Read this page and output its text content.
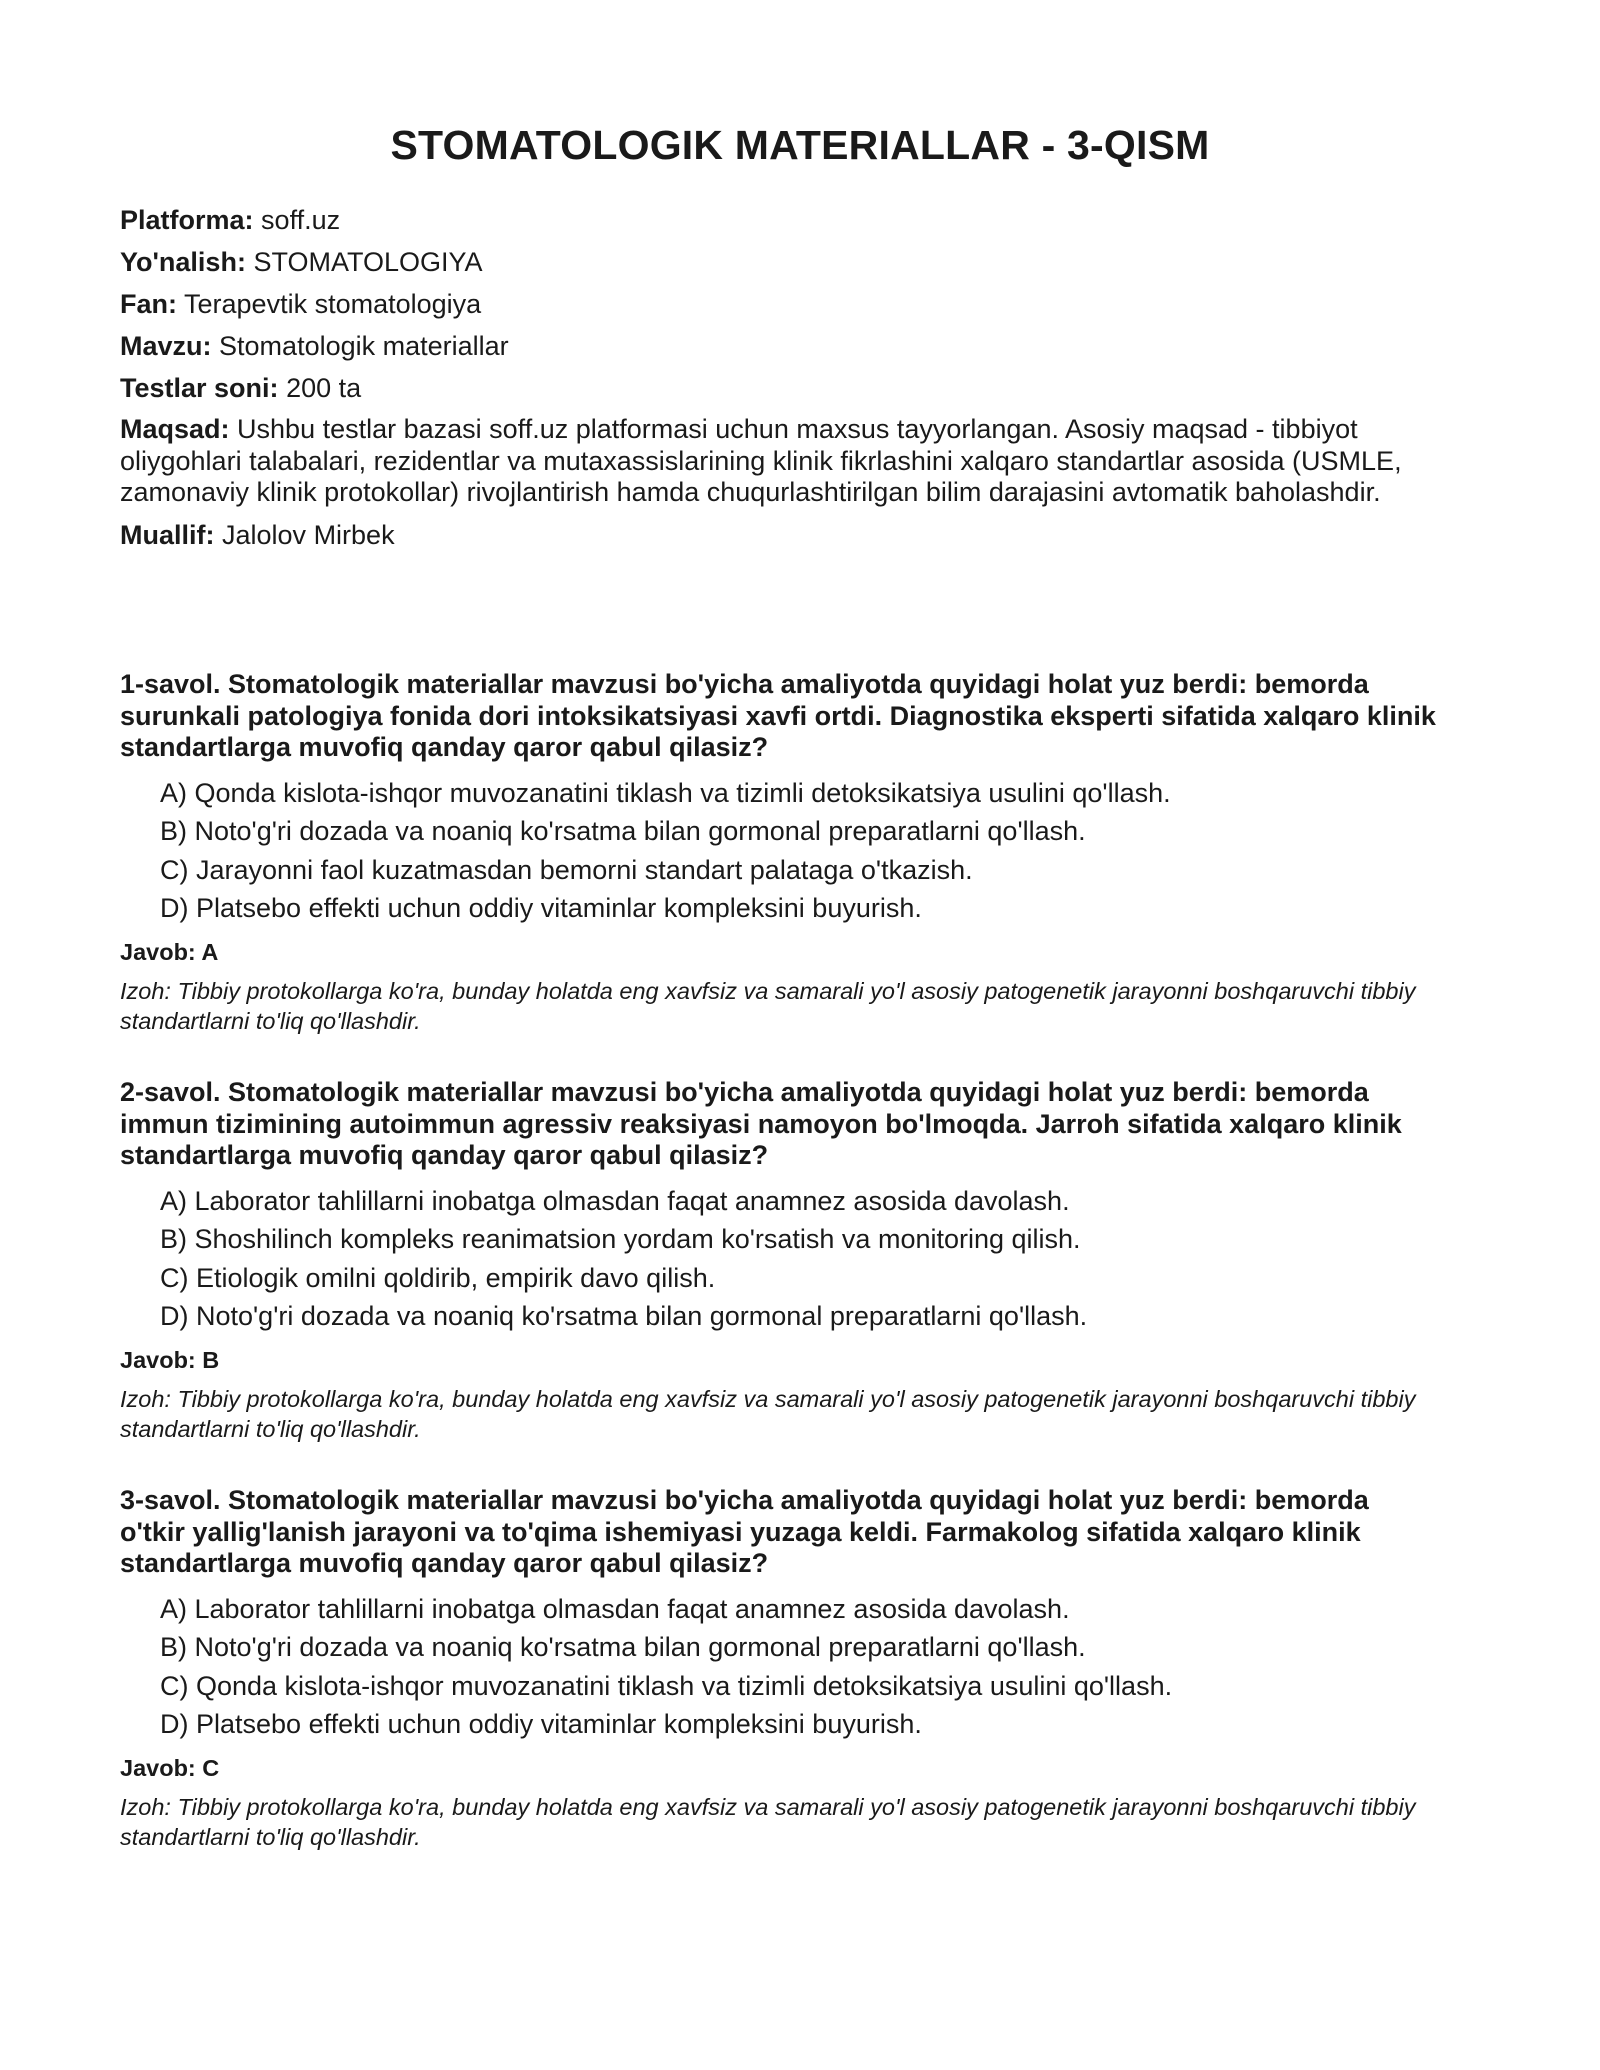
STOMATOLOGIK MATERIALLAR - 3-QISM

Platforma: soff.uz

Yo'nalish: STOMATOLOGIYA

Fan: Terapevtik stomatologiya

Mavzu: Stomatologik materiallar

Testlar soni: 200 ta

Maqsad: Ushbu testlar bazasi soff.uz platformasi uchun maxsus tayyorlangan. Asosiy maqsad - tibbiyot oliygohlari talabalari, rezidentlar va mutaxassislarining klinik fikrlashini xalqaro standartlar asosida (USMLE, zamonaviy klinik protokollar) rivojlantirish hamda chuqurlashtirilgan bilim darajasini avtomatik baholashdir.

Muallif: Jalolov Mirbek

1-savol. Stomatologik materiallar mavzusi bo'yicha amaliyotda quyidagi holat yuz berdi: bemorda surunkali patologiya fonida dori intoksikatsiyasi xavfi ortdi. Diagnostika eksperti sifatida xalqaro klinik standartlarga muvofiq qanday qaror qabul qilasiz?

A) Qonda kislota-ishqor muvozanatini tiklash va tizimli detoksikatsiya usulini qo'llash.
B) Noto'g'ri dozada va noaniq ko'rsatma bilan gormonal preparatlarni qo'llash.
C) Jarayonni faol kuzatmasdan bemorni standart palataga o'tkazish.
D) Platsebo effekti uchun oddiy vitaminlar kompleksini buyurish.

Javob: A

Izoh: Tibbiy protokollarga ko'ra, bunday holatda eng xavfsiz va samarali yo'l asosiy patogenetik jarayonni boshqaruvchi tibbiy standartlarni to'liq qo'llashdir.

2-savol. Stomatologik materiallar mavzusi bo'yicha amaliyotda quyidagi holat yuz berdi: bemorda immun tizimining autoimmun agressiv reaksiyasi namoyon bo'lmoqda. Jarroh sifatida xalqaro klinik standartlarga muvofiq qanday qaror qabul qilasiz?

A) Laborator tahlillarni inobatga olmasdan faqat anamnez asosida davolash.
B) Shoshilinch kompleks reanimatsion yordam ko'rsatish va monitoring qilish.
C) Etiologik omilni qoldirib, empirik davo qilish.
D) Noto'g'ri dozada va noaniq ko'rsatma bilan gormonal preparatlarni qo'llash.

Javob: B

Izoh: Tibbiy protokollarga ko'ra, bunday holatda eng xavfsiz va samarali yo'l asosiy patogenetik jarayonni boshqaruvchi tibbiy standartlarni to'liq qo'llashdir.

3-savol. Stomatologik materiallar mavzusi bo'yicha amaliyotda quyidagi holat yuz berdi: bemorda o'tkir yallig'lanish jarayoni va to'qima ishemiyasi yuzaga keldi. Farmakolog sifatida xalqaro klinik standartlarga muvofiq qanday qaror qabul qilasiz?

A) Laborator tahlillarni inobatga olmasdan faqat anamnez asosida davolash.
B) Noto'g'ri dozada va noaniq ko'rsatma bilan gormonal preparatlarni qo'llash.
C) Qonda kislota-ishqor muvozanatini tiklash va tizimli detoksikatsiya usulini qo'llash.
D) Platsebo effekti uchun oddiy vitaminlar kompleksini buyurish.

Javob: C

Izoh: Tibbiy protokollarga ko'ra, bunday holatda eng xavfsiz va samarali yo'l asosiy patogenetik jarayonni boshqaruvchi tibbiy standartlarni to'liq qo'llashdir.
